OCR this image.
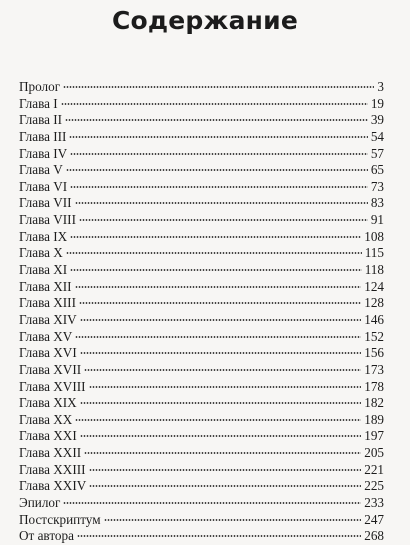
Содержание
Пролог	3
Глава I	19
Глава II	39
Глава III	54
Глава IV	57
Глава V	65
Глава VI	73
Глава VII	83
Глава VIII	91
Глава IX	108
Глава X	115
Глава XI	118
Глава XII	124
Глава XIII	128
Глава XIV	146
Глава XV	152
Глава XVI	156
Глава XVII	173
Глава XVIII	178
Глава XIX	182
Глава XX	189
Глава XXI	197
Глава XXII	205
Глава XXIII	221
Глава XXIV	225
Эпилог	233
Постскриптум	247
От автора	268
